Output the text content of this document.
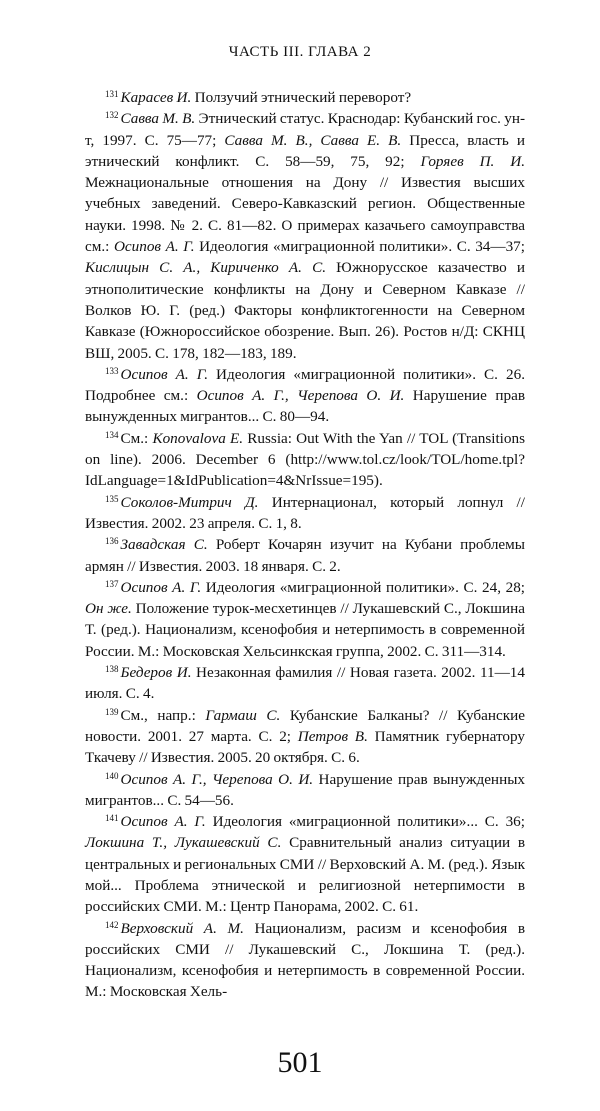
ЧАСТЬ III. ГЛАВА 2

$^{131}$ Карасев И. Ползучий этнический переворот?

$^{132}$ Савва М. В. Этнический статус. Краснодар: Кубанский гос. ун-т, 1997. С. 75—77; Савва М. В., Савва Е. В. Пресса, власть и этнический конфликт. С. 58—59, 75, 92; Горяев П. И. Межнациональные отношения на Дону // Известия высших учебных заведений. Северо-Кавказский регион. Общественные науки. 1998. № 2. С. 81—82. О примерах казачьего самоуправства см.: Осипов А. Г. Идеология «миграционной политики». С. 34—37; Кислицын С. А., Кириченко А. С. Южнорусское казачество и этнополитические конфликты на Дону и Северном Кавказе // Волков Ю. Г. (ред.) Факторы конфликтогенности на Северном Кавказе (Южнороссийское обозрение. Вып. 26). Ростов н/Д: СКНЦ ВШ, 2005. С. 178, 182—183, 189.

$^{133}$ Осипов А. Г. Идеология «миграционной политики». С. 26. Подробнее см.: Осипов А. Г., Черепова О. И. Нарушение прав вынужденных мигрантов... С. 80—94.

$^{134}$ См.: Konovalova E. Russia: Out With the Yan // TOL (Transitions on line). 2006. December 6 (http://www.tol.cz/look/TOL/home.tpl?IdLanguage=1&IdPublication=4&NrIssue=195).

$^{135}$ Соколов-Митрич Д. Интернационал, который лопнул // Известия. 2002. 23 апреля. С. 1, 8.

$^{136}$ Завадская С. Роберт Кочарян изучит на Кубани проблемы армян // Известия. 2003. 18 января. С. 2.

$^{137}$ Осипов А. Г. Идеология «миграционной политики». С. 24, 28; Он же. Положение турок-месхетинцев // Лукашевский С., Локшина Т. (ред.). Национализм, ксенофобия и нетерпимость в современной России. М.: Московская Хельсинкская группа, 2002. С. 311—314.

$^{138}$ Бедеров И. Незаконная фамилия // Новая газета. 2002. 11—14 июля. С. 4.

$^{139}$ См., напр.: Гармаш С. Кубанские Балканы? // Кубанские новости. 2001. 27 марта. С. 2; Петров В. Памятник губернатору Ткачеву // Известия. 2005. 20 октября. С. 6.

$^{140}$ Осипов А. Г., Черепова О. И. Нарушение прав вынужденных мигрантов... С. 54—56.

$^{141}$ Осипов А. Г. Идеология «миграционной политики»... С. 36; Локшина Т., Лукашевский С. Сравнительный анализ ситуации в центральных и региональных СМИ // Верховский А. М. (ред.). Язык мой... Проблема этнической и религиозной нетерпимости в российских СМИ. М.: Центр Панорама, 2002. С. 61.

$^{142}$ Верховский А. М. Национализм, расизм и ксенофобия в российских СМИ // Лукашевский С., Локшина Т. (ред.). Национализм, ксенофобия и нетерпимость в современной России. М.: Московская Хель-

501
